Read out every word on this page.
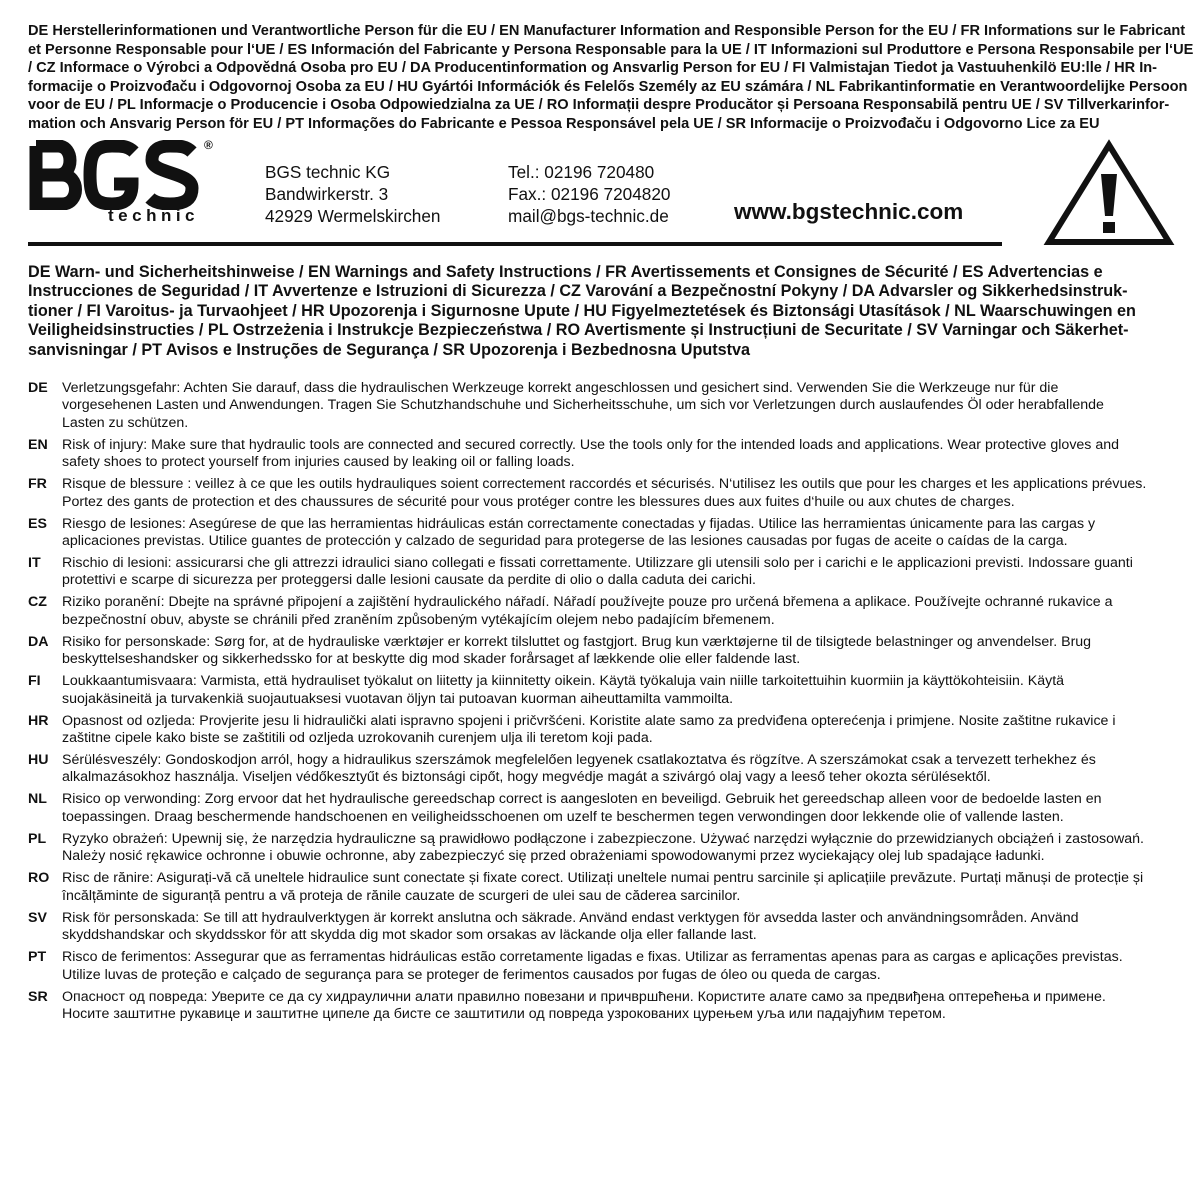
DE Herstellerinformationen und Verantwortliche Person für die EU / EN Manufacturer Information and Responsible Person for the EU / FR Informations sur le Fabricant
et Personne Responsable pour l‘UE / ES Información del Fabricante y Persona Responsable para la UE / IT Informazioni sul Produttore e Persona Responsabile per l‘UE
/ CZ Informace o Výrobci a Odpovědná Osoba pro EU / DA Producentinformation og Ansvarlig Person for EU / FI Valmistajan Tiedot ja Vastuuhenkilö EU:lle / HR In-
formacije o Proizvođaču i Odgovornoj Osoba za EU / HU Gyártói Információk és Felelős Személy az EU számára / NL Fabrikantinformatie en Verantwoordelijke Persoon
voor de EU / PL Informacje o Producencie i Osoba Odpowiedzialna za UE / RO Informații despre Producător și Persoana Responsabilă pentru UE / SV Tillverkarinfor-
mation och Ansvarig Person för EU / PT Informações do Fabricante e Pessoa Responsável pela UE / SR Informacije o Proizvođaču i Odgovorno Lice za EU
®
technic
BGS technic KG
Bandwirkerstr. 3
42929 Wermelskirchen
Tel.: 02196 720480
Fax.: 02196 7204820
mail@bgs-technic.de	www.bgstechnic.com
DE Warn- und Sicherheitshinweise / EN Warnings and Safety Instructions / FR Avertissements et Consignes de Sécurité / ES Advertencias e
Instrucciones de Seguridad / IT Avvertenze e Istruzioni di Sicurezza / CZ Varování a Bezpečnostní Pokyny / DA Advarsler og Sikkerhedsinstruk-
tioner / FI Varoitus- ja Turvaohjeet / HR Upozorenja i Sigurnosne Upute / HU Figyelmeztetések és Biztonsági Utasítások / NL Waarschuwingen en
Veiligheidsinstructies / PL Ostrzeżenia i Instrukcje Bezpieczeństwa / RO Avertismente și Instrucțiuni de Securitate / SV Varningar och Säkerhet-
sanvisningar / PT Avisos e Instruções de Segurança / SR Upozorenja i Bezbednosna Uputstva
DE	Verletzungsgefahr: Achten Sie darauf, dass die hydraulischen Werkzeuge korrekt angeschlossen und gesichert sind. Verwenden Sie die Werkzeuge nur für die
vorgesehenen Lasten und Anwendungen. Tragen Sie Schutzhandschuhe und Sicherheitsschuhe, um sich vor Verletzungen durch auslaufendes Öl oder herabfallende
Lasten zu schützen.
EN	Risk of injury: Make sure that hydraulic tools are connected and secured correctly. Use the tools only for the intended loads and applications. Wear protective gloves and
safety shoes to protect yourself from injuries caused by leaking oil or falling loads.
FR	Risque de blessure : veillez à ce que les outils hydrauliques soient correctement raccordés et sécurisés. N‘utilisez les outils que pour les charges et les applications prévues.
Portez des gants de protection et des chaussures de sécurité pour vous protéger contre les blessures dues aux fuites d‘huile ou aux chutes de charges.
ES	Riesgo de lesiones: Asegúrese de que las herramientas hidráulicas están correctamente conectadas y fijadas. Utilice las herramientas únicamente para las cargas y
aplicaciones previstas. Utilice guantes de protección y calzado de seguridad para protegerse de las lesiones causadas por fugas de aceite o caídas de la carga.
IT	Rischio di lesioni: assicurarsi che gli attrezzi idraulici siano collegati e fissati correttamente. Utilizzare gli utensili solo per i carichi e le applicazioni previsti. Indossare guanti
protettivi e scarpe di sicurezza per proteggersi dalle lesioni causate da perdite di olio o dalla caduta dei carichi.
CZ	Riziko poranění: Dbejte na správné připojení a zajištění hydraulického nářadí. Nářadí používejte pouze pro určená břemena a aplikace. Používejte ochranné rukavice a
bezpečnostní obuv, abyste se chránili před zraněním způsobeným vytékajícím olejem nebo padajícím břemenem.
DA Risiko for personskade: Sørg for, at de hydrauliske værktøjer er korrekt tilsluttet og fastgjort. Brug kun værktøjerne til de tilsigtede belastninger og anvendelser. Brug
beskyttelseshandsker og sikkerhedssko for at beskytte dig mod skader forårsaget af lækkende olie eller faldende last.
FI	Loukkaantumisvaara: Varmista, että hydrauliset työkalut on liitetty ja kiinnitetty oikein. Käytä työkaluja vain niille tarkoitettuihin kuormiin ja käyttökohteisiin. Käytä
suojakäsineitä ja turvakenkiä suojautuaksesi vuotavan öljyn tai putoavan kuorman aiheuttamilta vammoilta.
HR Opasnost od ozljeda: Provjerite jesu li hidraulički alati ispravno spojeni i pričvršćeni. Koristite alate samo za predviđena opterećenja i primjene. Nosite zaštitne rukavice i
zaštitne cipele kako biste se zaštitili od ozljeda uzrokovanih curenjem ulja ili teretom koji pada.
HU Sérülésveszély: Gondoskodjon arról, hogy a hidraulikus szerszámok megfelelően legyenek csatlakoztatva és rögzítve. A szerszámokat csak a tervezett terhekhez és
alkalmazásokhoz használja. Viseljen védőkesztyűt és biztonsági cipőt, hogy megvédje magát a szivárgó olaj vagy a leeső teher okozta sérülésektől.
NL	Risico op verwonding: Zorg ervoor dat het hydraulische gereedschap correct is aangesloten en beveiligd. Gebruik het gereedschap alleen voor de bedoelde lasten en
toepassingen. Draag beschermende handschoenen en veiligheidsschoenen om uzelf te beschermen tegen verwondingen door lekkende olie of vallende lasten.
PL	Ryzyko obrażeń: Upewnij się, że narzędzia hydrauliczne są prawidłowo podłączone i zabezpieczone. Używać narzędzi wyłącznie do przewidzianych obciążeń i zastosowań.
Należy nosić rękawice ochronne i obuwie ochronne, aby zabezpieczyć się przed obrażeniami spowodowanymi przez wyciekający olej lub spadające ładunki.
RO Risc de rănire: Asigurați-vă că uneltele hidraulice sunt conectate și fixate corect. Utilizați uneltele numai pentru sarcinile și aplicațiile prevăzute. Purtați mănuși de protecție și
încălțăminte de siguranță pentru a vă proteja de rănile cauzate de scurgeri de ulei sau de căderea sarcinilor.
SV	Risk för personskada: Se till att hydraulverktygen är korrekt anslutna och säkrade. Använd endast verktygen för avsedda laster och användningsområden. Använd
skyddshandskar och skyddsskor för att skydda dig mot skador som orsakas av läckande olja eller fallande last.
PT	Risco de ferimentos: Assegurar que as ferramentas hidráulicas estão corretamente ligadas e fixas. Utilizar as ferramentas apenas para as cargas e aplicações previstas.
Utilize luvas de proteção e calçado de segurança para se proteger de ferimentos causados por fugas de óleo ou queda de cargas.
SR	Опасност од повреда: Уверите се да су хидраулични алати правилно повезани и причвршћени. Користите алате само за предвиђена оптерећења и примене.
Носите заштитне рукавице и заштитне ципеле да бисте се заштитили од повреда узрокованих цурењем уља или падајућим теретом.
